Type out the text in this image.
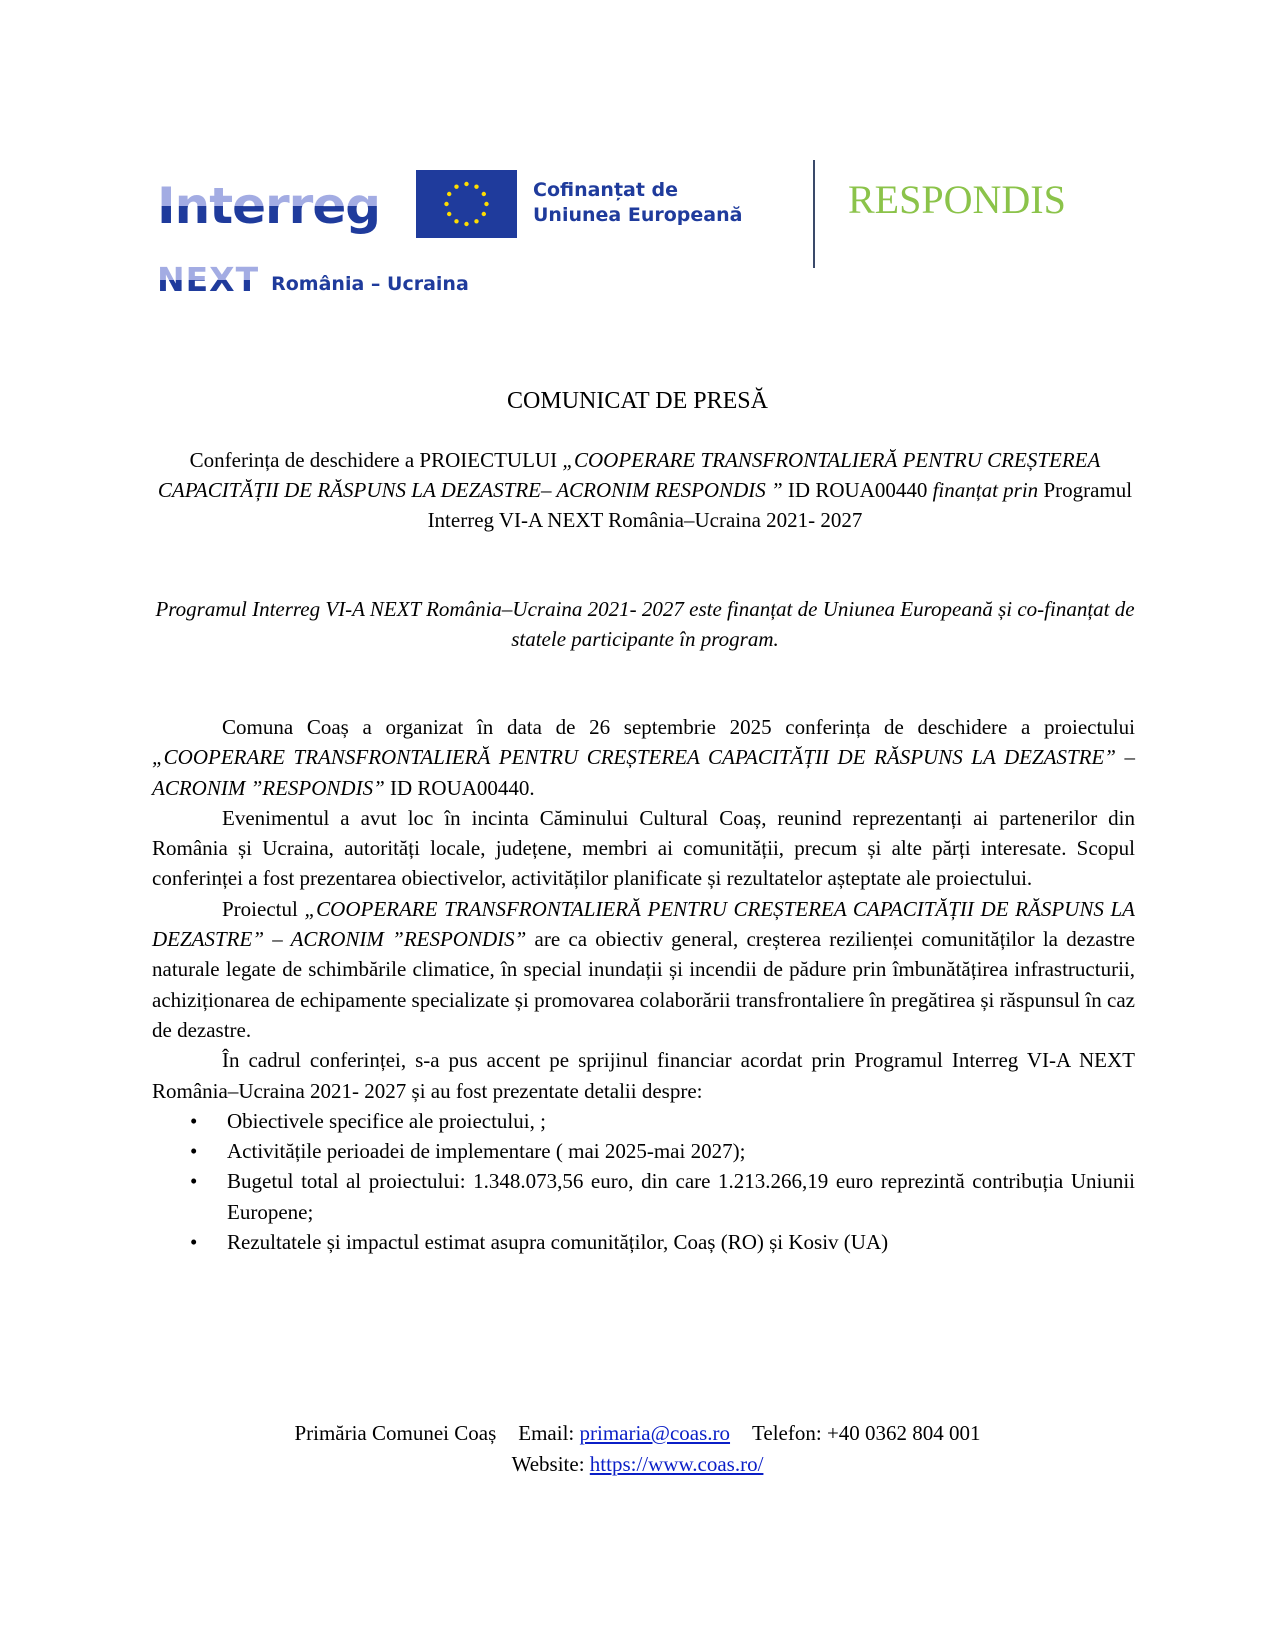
Interreg
NEXT România – Ucraina
Cofinanțat de
Uniunea Europeană	RESPONDIS
COMUNICAT DE PRESĂ
Conferința de deschidere a PROIECTULUI „COOPERARE TRANSFRONTALIERĂ PENTRU CREȘTEREA CAPACITĂȚII DE RĂSPUNS LA DEZASTRE– ACRONIM RESPONDIS ” ID ROUA00440 finanțat prin Programul Interreg VI-A NEXT România–Ucraina 2021- 2027
Programul Interreg VI-A NEXT România–Ucraina 2021- 2027 este finanțat de Uniunea Europeană și co-finanțat de statele participante în program.

Comuna Coaș a organizat în data de 26 septembrie 2025 conferința de deschidere a proiectului „COOPERARE TRANSFRONTALIERĂ PENTRU CREȘTEREA CAPACITĂȚII DE RĂSPUNS LA DEZASTRE” – ACRONIM ”RESPONDIS” ID ROUA00440.

Evenimentul a avut loc în incinta Căminului Cultural Coaș, reunind reprezentanți ai partenerilor din România și Ucraina, autorități locale, județene, membri ai comunității, precum și alte părți interesate. Scopul conferinței a fost prezentarea obiectivelor, activităților planificate și rezultatelor așteptate ale proiectului.

Proiectul „COOPERARE TRANSFRONTALIERĂ PENTRU CREȘTEREA CAPACITĂȚII DE RĂSPUNS LA DEZASTRE” – ACRONIM ”RESPONDIS” are ca obiectiv general, creșterea rezilienței comunităților la dezastre naturale legate de schimbările climatice, în special inundații și incendii de pădure prin îmbunătățirea infrastructurii, achiziționarea de echipamente specializate și promovarea colaborării transfrontaliere în pregătirea și răspunsul în caz de dezastre.

În cadrul conferinței, s-a pus accent pe sprijinul financiar acordat prin Programul Interreg VI-A NEXT România–Ucraina 2021- 2027 și au fost prezentate detalii despre:

• Obiectivele specifice ale proiectului, ;
• Activitățile perioadei de implementare ( mai 2025-mai 2027);
• Bugetul total al proiectului: 1.348.073,56 euro, din care 1.213.266,19 euro reprezintă contribuția Uniunii Europene;
• Rezultatele și impactul estimat asupra comunităților, Coaș (RO) și Kosiv (UA)
Primăria Comunei Coaș Email: primaria@coas.ro Telefon: +40 0362 804 001
Website: https://www.coas.ro/
